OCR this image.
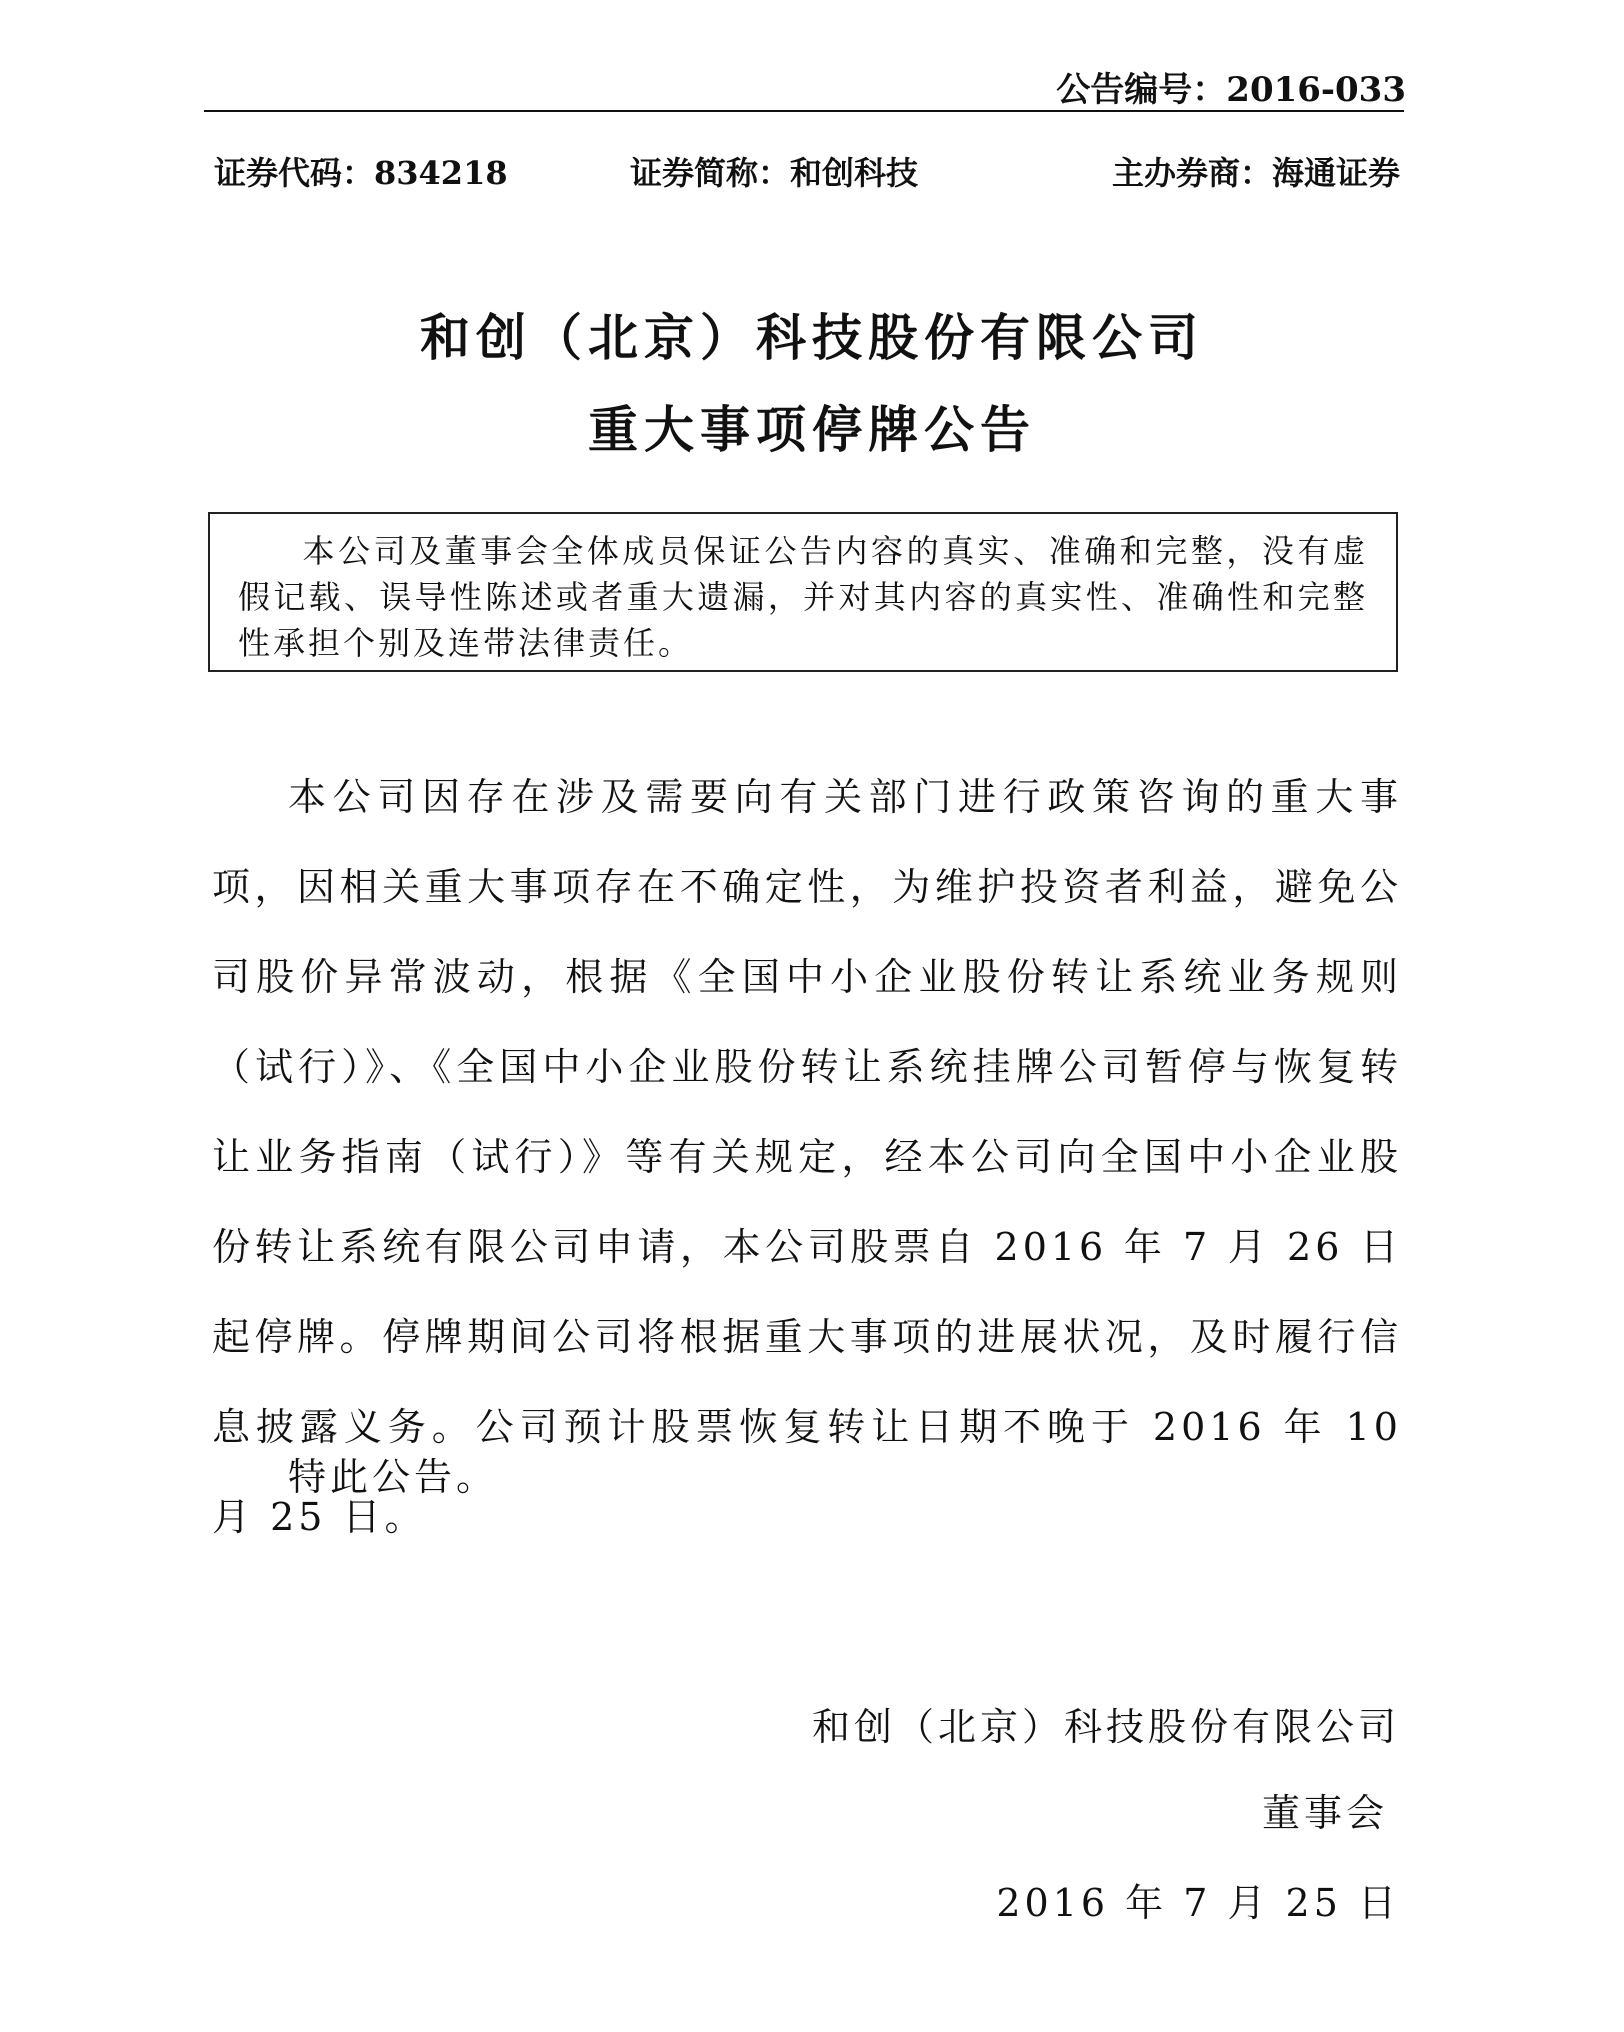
公告编号：2016-033
证券代码：834218	证券简称：和创科技	主办券商：海通证券
和创（北京）科技股份有限公司
重大事项停牌公告
本公司及董事会全体成员保证公告内容的真实、准确和完整，没有虚假记载、误导性陈述或者重大遗漏，并对其内容的真实性、准确性和完整性承担个别及连带法律责任。

本公司因存在涉及需要向有关部门进行政策咨询的重大事项，因相关重大事项存在不确定性，为维护投资者利益，避免公司股价异常波动，根据《全国中小企业股份转让系统业务规则（试行）》、《全国中小企业股份转让系统挂牌公司暂停与恢复转让业务指南（试行）》等有关规定，经本公司向全国中小企业股份转让系统有限公司申请，本公司股票自 2016 年 7 月 26 日起停牌。停牌期间公司将根据重大事项的进展状况，及时履行信息披露义务。公司预计股票恢复转让日期不晚于 2016 年 10 月 25 日。

特此公告。
和创（北京）科技股份有限公司
董事会
2016 年 7 月 25 日
